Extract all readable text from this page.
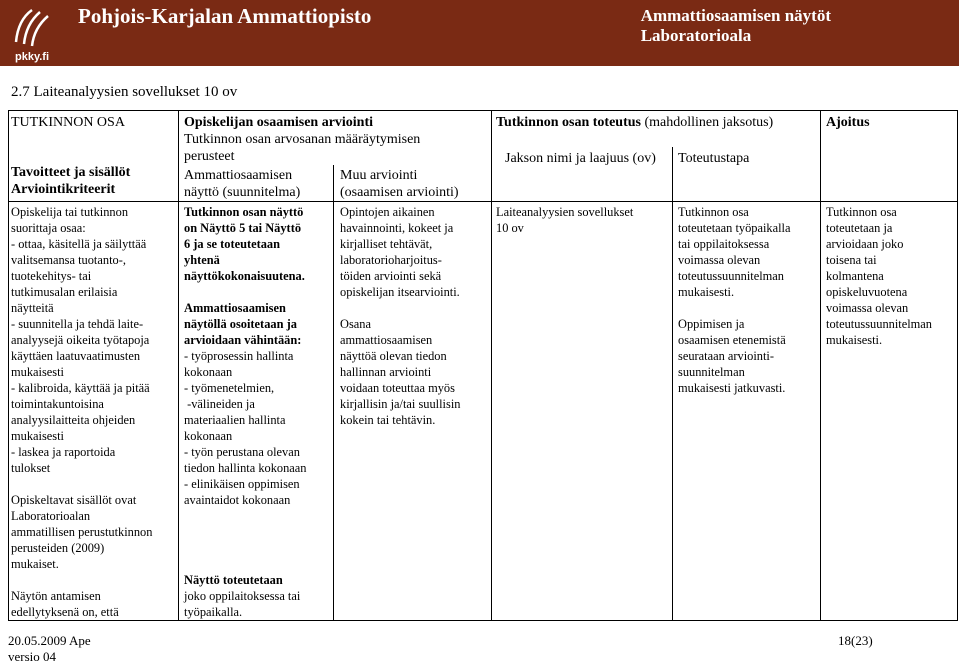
pkky.fi
Pohjois-Karjalan Ammattiopisto	Ammattiosaamisen näytöt
Laboratorioala
2.7 Laiteanalyysien sovellukset 10 ov
TUTKINNON OSA
Tavoitteet ja sisällöt
Arviointikriteerit
Opiskelijan osaamisen arviointi
Tutkinnon osan arvosanan määräytymisen
perusteet
Ammattiosaamisen
näyttö (suunnitelma)
Muu arviointi
(osaamisen arviointi)
Tutkinnon osan toteutus (mahdollinen jaksotus)
Jakson nimi ja laajuus (ov) Toteutustapa
Ajoitus
Opiskelija tai tutkinnon
suorittaja osaa:
- ottaa, käsitellä ja säilyttää
valitsemansa tuotanto-,
tuotekehitys- tai
tutkimusalan erilaisia
näytteitä
- suunnitella ja tehdä laite-
analyysejä oikeita työtapoja
käyttäen laatuvaatimusten
mukaisesti
- kalibroida, käyttää ja pitää
toimintakuntoisina
analyysilaitteita ohjeiden
mukaisesti
- laskea ja raportoida
tulokset

Opiskeltavat sisällöt ovat
Laboratorioalan
ammatillisen perustutkinnon
perusteiden (2009)
mukaiset.

Näytön antamisen
edellytyksenä on, että
Tutkinnon osan näyttö
on Näyttö 5 tai Näyttö
6 ja se toteutetaan
yhtenä
näyttökokonaisuutena.
Ammattiosaamisen
näytöllä osoitetaan ja
arvioidaan vähintään:
- työprosessin hallinta
kokonaan
- työmenetelmien,
-välineiden ja
materiaalien hallinta
kokonaan
- työn perustana olevan
tiedon hallinta kokonaan
- elinikäisen oppimisen
avaintaidot kokonaan
Näyttö toteutetaan
joko oppilaitoksessa tai
työpaikalla.
Opintojen aikainen
havainnointi, kokeet ja
kirjalliset tehtävät,
laboratorioharjoitus-
töiden arviointi sekä
opiskelijan itsearviointi.
Osana
ammattiosaamisen
näyttöä olevan tiedon
hallinnan arviointi
voidaan toteuttaa myös
kirjallisin ja/tai suullisin
kokein tai tehtävin.
Laiteanalyysien sovellukset
10 ov
Tutkinnon osa
toteutetaan työpaikalla
tai oppilaitoksessa
voimassa olevan
toteutussuunnitelman
mukaisesti.
Oppimisen ja
osaamisen etenemistä
seurataan arviointi-
suunnitelman
mukaisesti jatkuvasti.
Tutkinnon osa
toteutetaan ja
arvioidaan joko
toisena tai
kolmantena
opiskeluvuotena
voimassa olevan
toteutussuunnitelman
mukaisesti.
20.05.2009 Ape
versio 04
18(23)
